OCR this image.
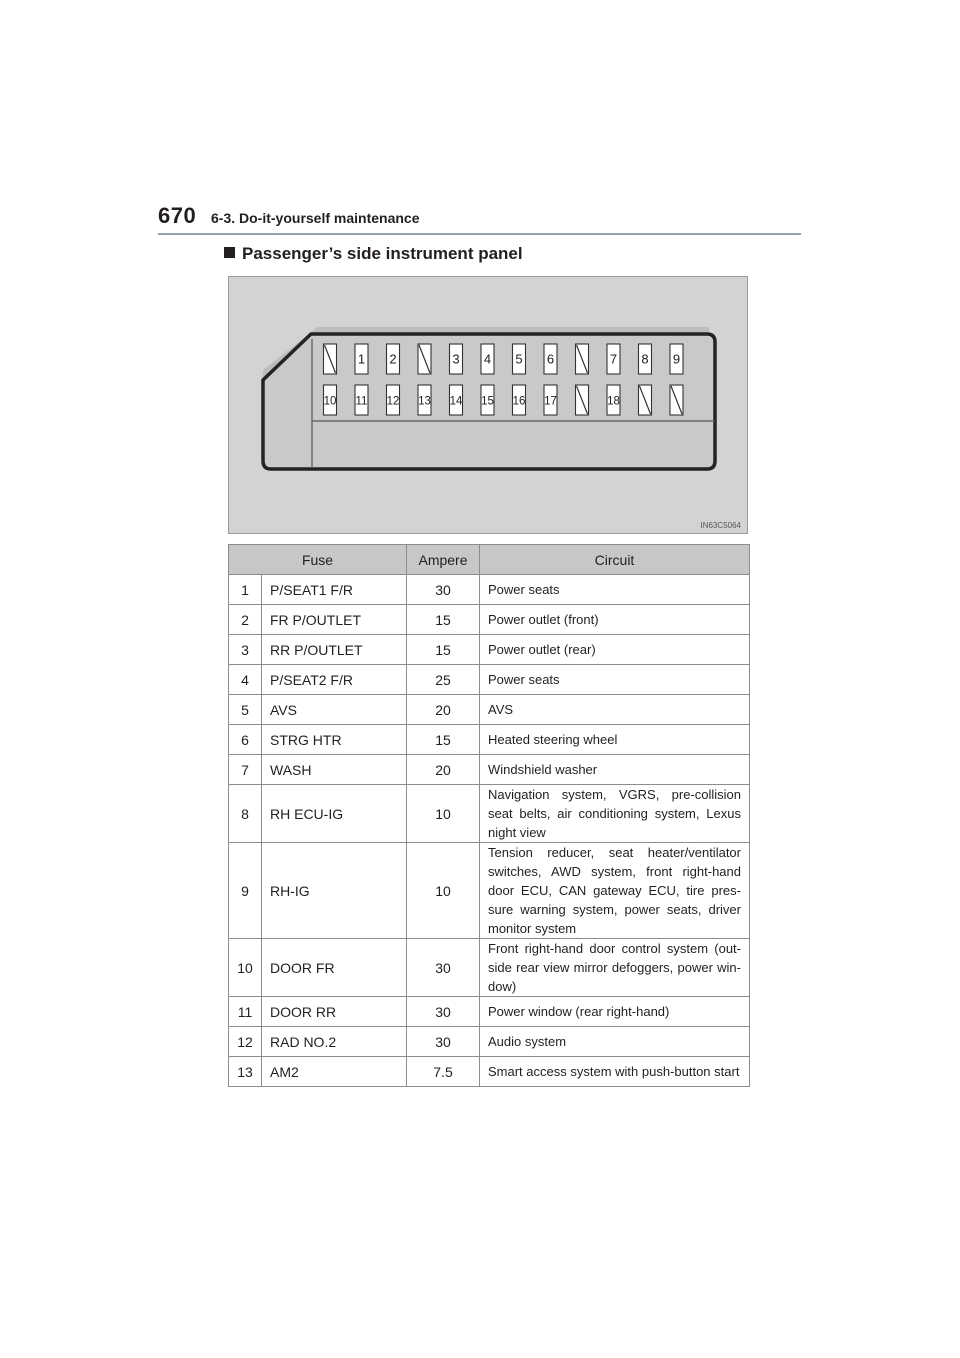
670 6-3. Do-it-yourself maintenance
Passenger’s side instrument panel
1 2	3 4 5 6	7 8 9
10 11 12 13 14 15 16 17	18
IN63C5064
Fuse		Ampere	Circuit
1	P/SEAT1 F/R	30	Power seats
2	FR P/OUTLET	15	Power outlet (front)
3	RR P/OUTLET	15	Power outlet (rear)
4	P/SEAT2 F/R	25	Power seats
5	AVS	20	AVS
6	STRG HTR	15	Heated steering wheel
7	WASH	20	Windshield washer
8	RH ECU-IG	10	Navigation system, VGRS, pre-collision seat belts, air conditioning system, Lexus night view
9	RH-IG	10	Tension reducer, seat heater/ventilator switches, AWD system, front right-hand door ECU, CAN gateway ECU, tire pres-sure warning system, power seats, driver monitor system
10	DOOR FR	30	Front right-hand door control system (out-side rear view mirror defoggers, power win-dow)
11	DOOR RR	30	Power window (rear right-hand)
12	RAD NO.2	30	Audio system
13	AM2	7.5	Smart access system with push-button start
